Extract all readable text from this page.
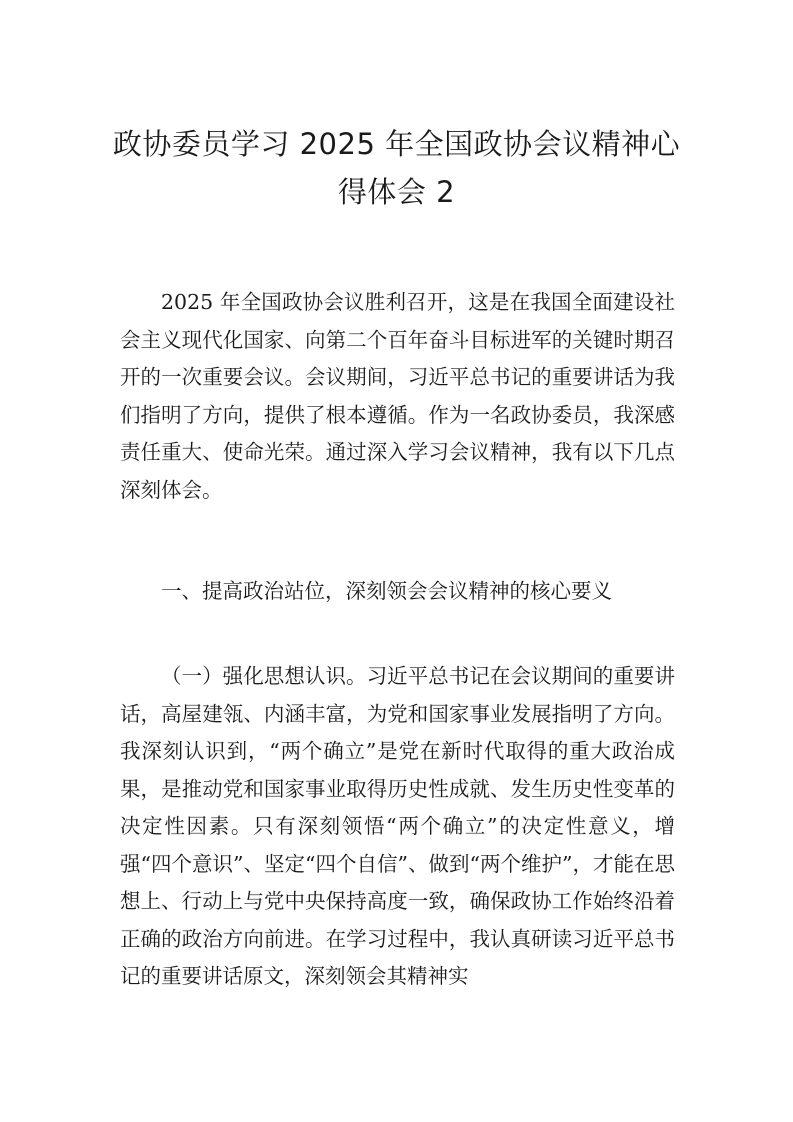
政协委员学习 2025 年全国政协会议精神心得体会 2

2025 年全国政协会议胜利召开，这是在我国全面建设社会主义现代化国家、向第二个百年奋斗目标进军的关键时期召开的一次重要会议。会议期间，习近平总书记的重要讲话为我们指明了方向，提供了根本遵循。作为一名政协委员，我深感责任重大、使命光荣。通过深入学习会议精神，我有以下几点深刻体会。

一、提高政治站位，深刻领会会议精神的核心要义

（一）强化思想认识。习近平总书记在会议期间的重要讲话，高屋建瓴、内涵丰富，为党和国家事业发展指明了方向。我深刻认识到，“两个确立”是党在新时代取得的重大政治成果，是推动党和国家事业取得历史性成就、发生历史性变革的决定性因素。只有深刻领悟“两个确立”的决定性意义，增强“四个意识”、坚定“四个自信”、做到“两个维护”，才能在思想上、行动上与党中央保持高度一致，确保政协工作始终沿着正确的政治方向前进。在学习过程中，我认真研读习近平总书记的重要讲话原文，深刻领会其精神实
